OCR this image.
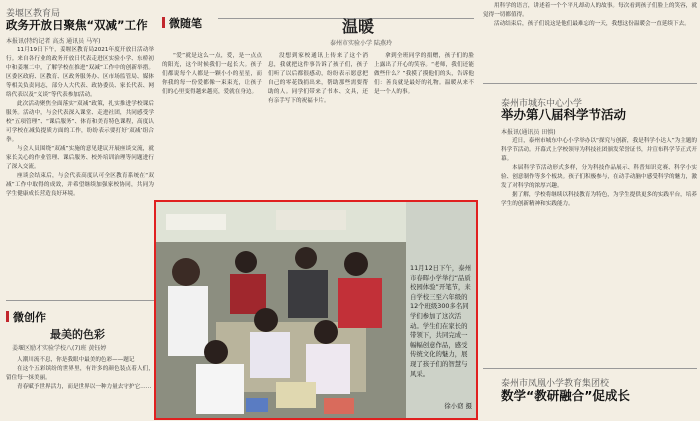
姜堰区教育局
政务开放日聚焦“双减”工作
本报讯(特约记者 高杰 通讯员 马军)

11月19日下午，姜堰区教育局2021年度开放日活动举行。来自各行业的政务开放日代表走进区实验小学、东桥初中和姜堰二中，了解学校在推进“双减”工作中的创新举措。区委区政府、区教育、区政务服务办、区市场监管局、媒体等相关负责同志，部分人大代表、政协委员、家长代表、网络代表以及“义谈”等代表参加活动。

此次活动聚焦全面落实“双减”政策，扎实推进学校课后服务。活动中，与会代表深入课堂、走进社团，共同感受学校“五项管理”、“课后服务”、体育和美育特色课程，高度认可学校在减负提质方面的工作，纷纷表示要打好‘双减’组合拳。

与会人员围绕“双减”实施的意见建议开展座谈交流，就家长关心的作业管理、课后服务、校外培训治理等问题进行了深入交流。

座谈会结束后，与会代表高度认可全区教育系统在“双减”工作中取得的成效，并希望继续加强家校协同，共同为学生健康成长营造良好环境。

微创作
最美的色彩
姜堰区励才实验学校八(7)班 黄钰婷

人潮川流不息，你是我眼中最美的色彩——题记

在这个五彩缤纷的世界里，有许多的颜色装点着人们，留住每一抹美丽。

青春赋予世界活力，而是世界以一种力量去守护它……

微随笔	温暖
泰州市实验小学 陆燕玲

“爱”就是这么一点，爱，是一点点的阳光，这个时候我们一起长大。孩子们都说每个人都是一颗小小的星星，而你我的每一份爱都像一束束光，让孩子们的心里变得越来越亮，爱就在身边。

没想到家校通讯上传来了这个消息，我就把这件事告诉了孩子们，孩子们听了以后都很感动，纷纷表示愿意把自己的零花钱捐出来，帮助那些需要帮助的人。同学们带来了书本、文具，还有亲手写下的祝福卡片。

拿到全班同学的捐赠，孩子们的脸上露出了开心的笑容。“老师，我们还能做些什么？”我摸了摸他们的头，告诉他们：善良就是最好的礼物。温暖从来不是一个人的事。

11月12日下午，泰州市春晖小学举行“品质校园体验”开笔节，来自学校三至六年级的12个班级300多名同学们参加了这次活动。学生们在家长的带领下，共同完成一幅幅创意作品，感受传统文化的魅力，展现了孩子们的智慧与风采。
徐小窈 摄

用科学的语言，讲述着一个个平凡却动人的故事。每次看到孩子们脸上的笑容，就觉得一切都值得。

活动结束后，孩子们说这是他们最难忘的一天，我想这份温暖会一直延续下去。

泰州市城东中心小学
举办第八届科学节活动
本报讯(通讯员 田慎)

近日，泰州市城东中心小学举办以“探究与创新，我是科学小达人”为主题的科学节活动。开幕式上学校领导为科技社团颁发荣誉证书，并宣布科学节正式开幕。

本届科学节活动形式多样，分为科技作品展示、科普知识竞赛、科学小实验、创意制作等多个板块。孩子们积极参与，在动手动脑中感受科学的魅力，激发了对科学的浓厚兴趣。

据了解，学校将继续以科技教育为特色，为学生提供更多的实践平台，培养学生的创新精神和实践能力。

泰州市凤凰小学教育集团校
数学“教研融合”促成长
